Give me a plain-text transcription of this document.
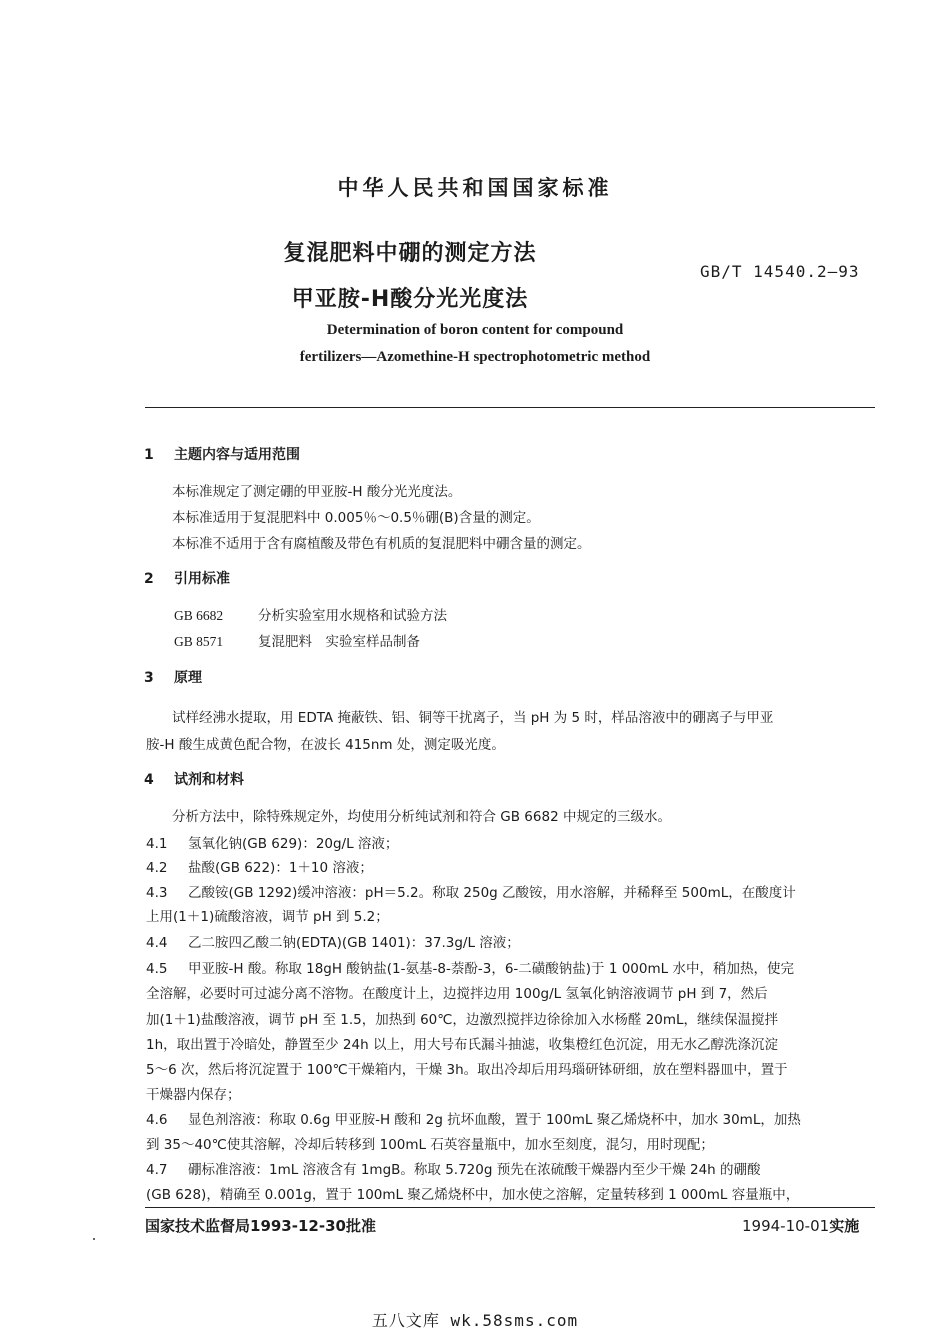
中华人民共和国国家标准
复混肥料中硼的测定方法
甲亚胺-H酸分光光度法
GB/T 14540.2—93
Determination of boron content for compound
fertilizers—Azomethine-H spectrophotometric method
1 主题内容与适用范围
本标准规定了测定硼的甲亚胺-H 酸分光光度法。
本标准适用于复混肥料中 0.005％～0.5％硼(B)含量的测定。
本标准不适用于含有腐植酸及带色有机质的复混肥料中硼含量的测定。
2 引用标准
GB 6682	分析实验室用水规格和试验方法
GB 8571	复混肥料　实验室样品制备
3 原理
试样经沸水提取，用 EDTA 掩蔽铁、铝、铜等干扰离子，当 pH 为 5 时，样品溶液中的硼离子与甲亚
胺-H 酸生成黄色配合物，在波长 415nm 处，测定吸光度。
4 试剂和材料
分析方法中，除特殊规定外，均使用分析纯试剂和符合 GB 6682 中规定的三级水。
4.1 氢氧化钠(GB 629)：20g/L 溶液；
4.2 盐酸(GB 622)：1＋10 溶液；
4.3 乙酸铵(GB 1292)缓冲溶液：pH＝5.2。称取 250g 乙酸铵，用水溶解，并稀释至 500mL，在酸度计
上用(1＋1)硫酸溶液，调节 pH 到 5.2；
4.4 乙二胺四乙酸二钠(EDTA)(GB 1401)：37.3g/L 溶液；
4.5 甲亚胺-H 酸。称取 18gH 酸钠盐(1-氨基-8-萘酚-3，6-二磺酸钠盐)于 1 000mL 水中，稍加热，使完
全溶解，必要时可过滤分离不溶物。在酸度计上，边搅拌边用 100g/L 氢氧化钠溶液调节 pH 到 7，然后
加(1＋1)盐酸溶液，调节 pH 至 1.5，加热到 60℃，边激烈搅拌边徐徐加入水杨醛 20mL，继续保温搅拌
1h，取出置于冷暗处，静置至少 24h 以上，用大号布氏漏斗抽滤，收集橙红色沉淀，用无水乙醇洗涤沉淀
5～6 次，然后将沉淀置于 100℃干燥箱内，干燥 3h。取出冷却后用玛瑙研钵研细，放在塑料器皿中，置于
干燥器内保存；
4.6 显色剂溶液：称取 0.6g 甲亚胺-H 酸和 2g 抗坏血酸，置于 100mL 聚乙烯烧杯中，加水 30mL，加热
到 35～40℃使其溶解，冷却后转移到 100mL 石英容量瓶中，加水至刻度，混匀，用时现配；
4.7 硼标准溶液：1mL 溶液含有 1mgB。称取 5.720g 预先在浓硫酸干燥器内至少干燥 24h 的硼酸
(GB 628)，精确至 0.001g，置于 100mL 聚乙烯烧杯中，加水使之溶解，定量转移到 1 000mL 容量瓶中，
国家技术监督局1993-12-30批准	1994-10-01实施
五八文库 wk.58sms.com
